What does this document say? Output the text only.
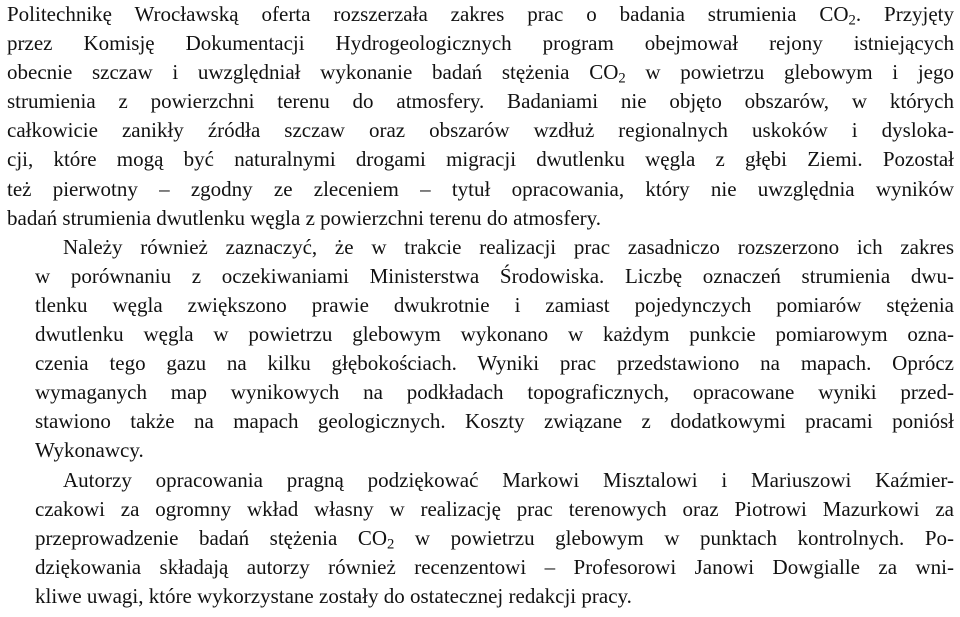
Politechnikę Wrocławską oferta rozszerzała zakres prac o badania strumienia $CO_2$. Przyjęty
przez Komisję Dokumentacji Hydrogeologicznych program obejmował rejony istniejących
obecnie szczaw i uwzględniał wykonanie badań stężenia $CO_2$ w powietrzu glebowym i jego
strumienia z powierzchni terenu do atmosfery. Badaniami nie objęto obszarów, w których
całkowicie zanikły źródła szczaw oraz obszarów wzdłuż regionalnych uskoków i dysloka-
cji, które mogą być naturalnymi drogami migracji dwutlenku węgla z głębi Ziemi. Pozostał
też pierwotny – zgodny ze zleceniem – tytuł opracowania, który nie uwzględnia wyników
badań strumienia dwutlenku węgla z powierzchni terenu do atmosfery.

Należy również zaznaczyć, że w trakcie realizacji prac zasadniczo rozszerzono ich zakres
w porównaniu z oczekiwaniami Ministerstwa Środowiska. Liczbę oznaczeń strumienia dwu-
tlenku węgla zwiększono prawie dwukrotnie i zamiast pojedynczych pomiarów stężenia
dwutlenku węgla w powietrzu glebowym wykonano w każdym punkcie pomiarowym ozna-
czenia tego gazu na kilku głębokościach. Wyniki prac przedstawiono na mapach. Oprócz
wymaganych map wynikowych na podkładach topograficznych, opracowane wyniki przed-
stawiono także na mapach geologicznych. Koszty związane z dodatkowymi pracami poniósł
Wykonawcy.

Autorzy opracowania pragną podziękować Markowi Misztalowi i Mariuszowi Kaźmier-
czakowi za ogromny wkład własny w realizację prac terenowych oraz Piotrowi Mazurkowi za
przeprowadzenie badań stężenia $CO_2$ w powietrzu glebowym w punktach kontrolnych. Po-
dziękowania składają autorzy również recenzentowi – Profesorowi Janowi Dowgialle za wni-
kliwe uwagi, które wykorzystane zostały do ostatecznej redakcji pracy.
